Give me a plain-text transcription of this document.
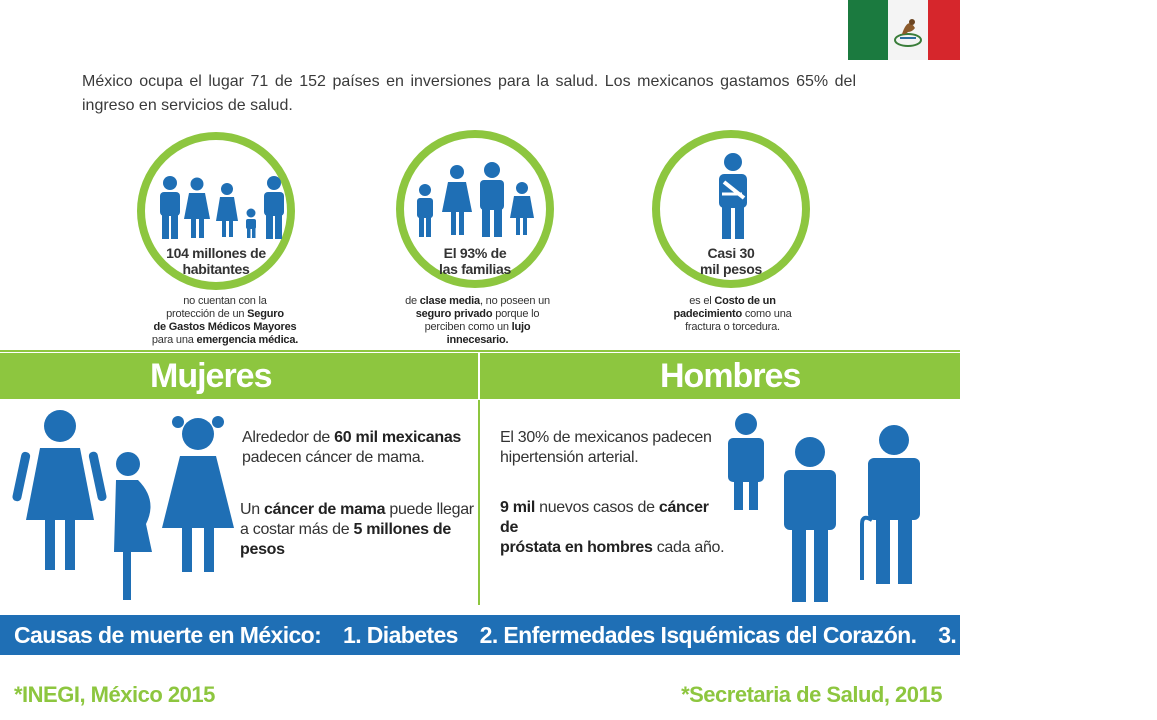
México ocupa el lugar 71 de 152 países en inversiones para la salud. Los mexicanos gastamos 65% del ingreso en servicios de salud.
104 millones de
habitantes
no cuentan con la
protección de un Seguro
de Gastos Médicos Mayores
para una emergencia médica.
El 93% de
las familias
de clase media, no poseen un
seguro privado porque lo
perciben como un lujo
innecesario.
Casi 30
mil pesos
es el Costo de un
padecimiento como una
fractura o torcedura.
Mujeres	Hombres
Alrededor de 60 mil mexicanas
padecen cáncer de mama.
Un cáncer de mama puede llegar
a costar más de 5 millones de
pesos
El 30% de mexicanos padecen
hipertensión arterial.
9 mil nuevos casos de cáncer de
próstata en hombres cada año.
Causas de muerte en México: 1. Diabetes 2. Enfermedades Isquémicas del Corazón. 3. Cirrosis Hepática
*INEGI, México 2015	*Secretaria de Salud, 2015
